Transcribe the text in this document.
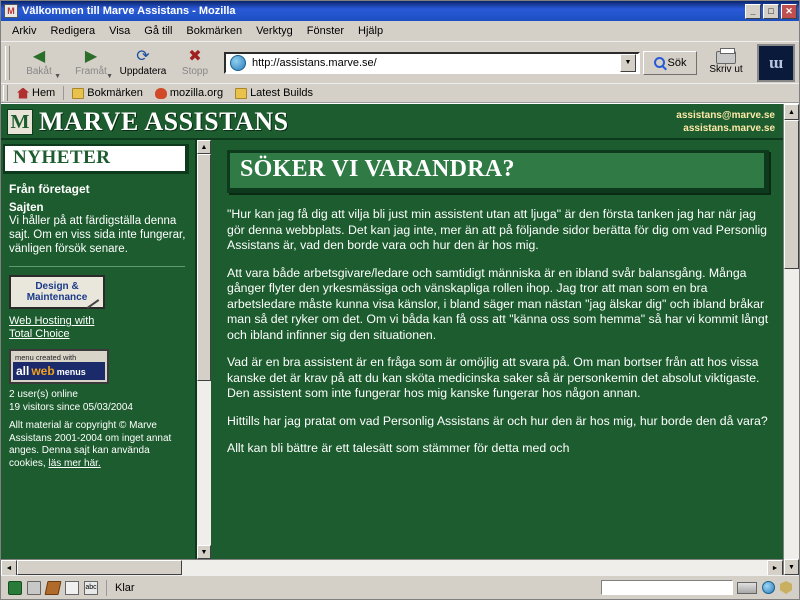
M Välkommen till Marve Assistans - Mozilla	_	□	✕
Arkiv	Redigera	Visa	Gå till	Bokmärken	Verktyg	Fönster	Hjälp
◀
Bakåt ▼
▶
Framåt ▼
⟳
Uppdatera
✖
Stopp
http://assistans.marve.se/
▼	Sök
Skriv ut	ɯ
Hem	Bokmärken mozilla.org Latest Builds
M MARVE ASSISTANS	assistans@marve.se
assistans.marve.se
NYHETER
Från företaget
Sajten
Vi håller på att färdigställa denna sajt. Om en viss sida inte fungerar, vänligen försök senare.
Design &
Maintenance
Web Hosting with
Total Choice
menu created with
all web menus
2 user(s) online
19 visitors since 05/03/2004
Allt material är copyright © Marve Assistans 2001-2004 om inget annat anges. Denna sajt kan använda cookies, läs mer här.
▲
▼
SÖKER VI VARANDRA?

"Hur kan jag få dig att vilja bli just min assistent utan att ljuga" är den första tanken jag har när jag gör denna webbplats. Det kan jag inte, mer än att på följande sidor berätta för dig om vad Personlig Assistans är, vad den borde vara och hur den är hos mig.

Att vara både arbetsgivare/ledare och samtidigt människa är en ibland svår balansgång. Många gånger flyter den yrkesmässiga och vänskapliga rollen ihop. Jag tror att man som en bra arbetsledare måste kunna visa känslor, i bland säger man nästan "jag älskar dig" och ibland bråkar man så det ryker om det. Om vi båda kan få oss att "känna oss som hemma" så har vi kommit långt och ibland infinner sig den situationen.

Vad är en bra assistent är en fråga som är omöjlig att svara på. Om man bortser från att hos vissa kanske det är krav på att du kan sköta medicinska saker så är personkemin det absolut viktigaste. Den assistent som inte fungerar hos mig kanske fungerar hos någon annan.

Hittills har jag pratat om vad Personlig Assistans är och hur den är hos mig, hur borde den då vara?

Allt kan bli bättre är ett talesätt som stämmer för detta med och

◄	►
▲
▼
abc	Klar
